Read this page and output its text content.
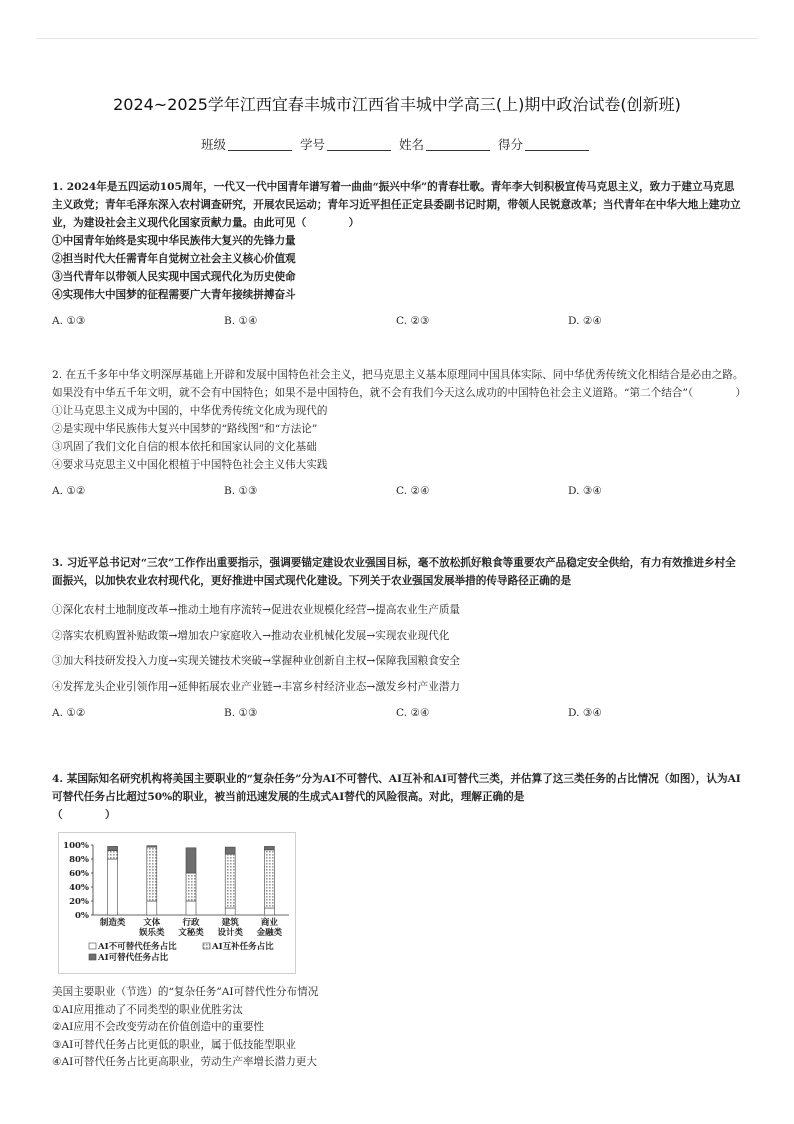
2024~2025学年江西宜春丰城市江西省丰城中学高三(上)期中政治试卷(创新班)
班级	学号	姓名	得分
1. 2024年是五四运动105周年，一代又一代中国青年谱写着一曲曲“振兴中华”的青春壮歌。青年李大钊积极宣传马克思主义，致力于建立马克思主义政党；青年毛泽东深入农村调查研究，开展农民运动；青年习近平担任正定县委副书记时期，带领人民锐意改革；当代青年在中华大地上建功立业，为建设社会主义现代化国家贡献力量。由此可见（　　　　）
①中国青年始终是实现中华民族伟大复兴的先锋力量
②担当时代大任需青年自觉树立社会主义核心价值观
③当代青年以带领人民实现中国式现代化为历史使命
④实现伟大中国梦的征程需要广大青年接续拼搏奋斗
A. ①③	B. ①④	C. ②③	D. ②④
2. 在五千多年中华文明深厚基础上开辟和发展中国特色社会主义，把马克思主义基本原理同中国具体实际、同中华优秀传统文化相结合是必由之路。如果没有中华五千年文明，就不会有中国特色；如果不是中国特色，就不会有我们今天这么成功的中国特色社会主义道路。“第二个结合”（　　　　）
①让马克思主义成为中国的，中华优秀传统文化成为现代的
②是实现中华民族伟大复兴中国梦的“路线图”和“方法论”
③巩固了我们文化自信的根本依托和国家认同的文化基础
④要求马克思主义中国化根植于中国特色社会主义伟大实践
A. ①②	B. ①③	C. ②④	D. ③④
3. 习近平总书记对“三农”工作作出重要指示，强调要锚定建设农业强国目标，毫不放松抓好粮食等重要农产品稳定安全供给，有力有效推进乡村全面振兴，以加快农业农村现代化，更好推进中国式现代化建设。下列关于农业强国发展举措的传导路径正确的是
①深化农村土地制度改革→推动土地有序流转→促进农业规模化经营→提高农业生产质量
②落实农机购置补贴政策→增加农户家庭收入→推动农业机械化发展→实现农业现代化
③加大科技研发投入力度→实现关键技术突破→掌握种业创新自主权→保障我国粮食安全
④发挥龙头企业引领作用→延伸拓展农业产业链→丰富乡村经济业态→激发乡村产业潜力
A. ①②	B. ①③	C. ②④	D. ③④
4. 某国际知名研究机构将美国主要职业的“复杂任务”分为AI不可替代、AI互补和AI可替代三类，并估算了这三类任务的占比情况（如图），认为AI可替代任务占比超过50%的职业，被当前迅速发展的生成式AI替代的风险很高。对此，理解正确的是
（　　　　）
100%
80%
60%
40%
20%
0%
制造类 文体
娱乐类
行政
文秘类
建筑
设计类
商业
金融类
AI不可替代任务占比	AI互补任务占比
AI可替代任务占比
美国主要职业（节选）的“复杂任务”AI可替代性分布情况
①AI应用推动了不同类型的职业优胜劣汰
②AI应用不会改变劳动在价值创造中的重要性
③AI可替代任务占比更低的职业，属于低技能型职业
④AI可替代任务占比更高职业，劳动生产率增长潜力更大
